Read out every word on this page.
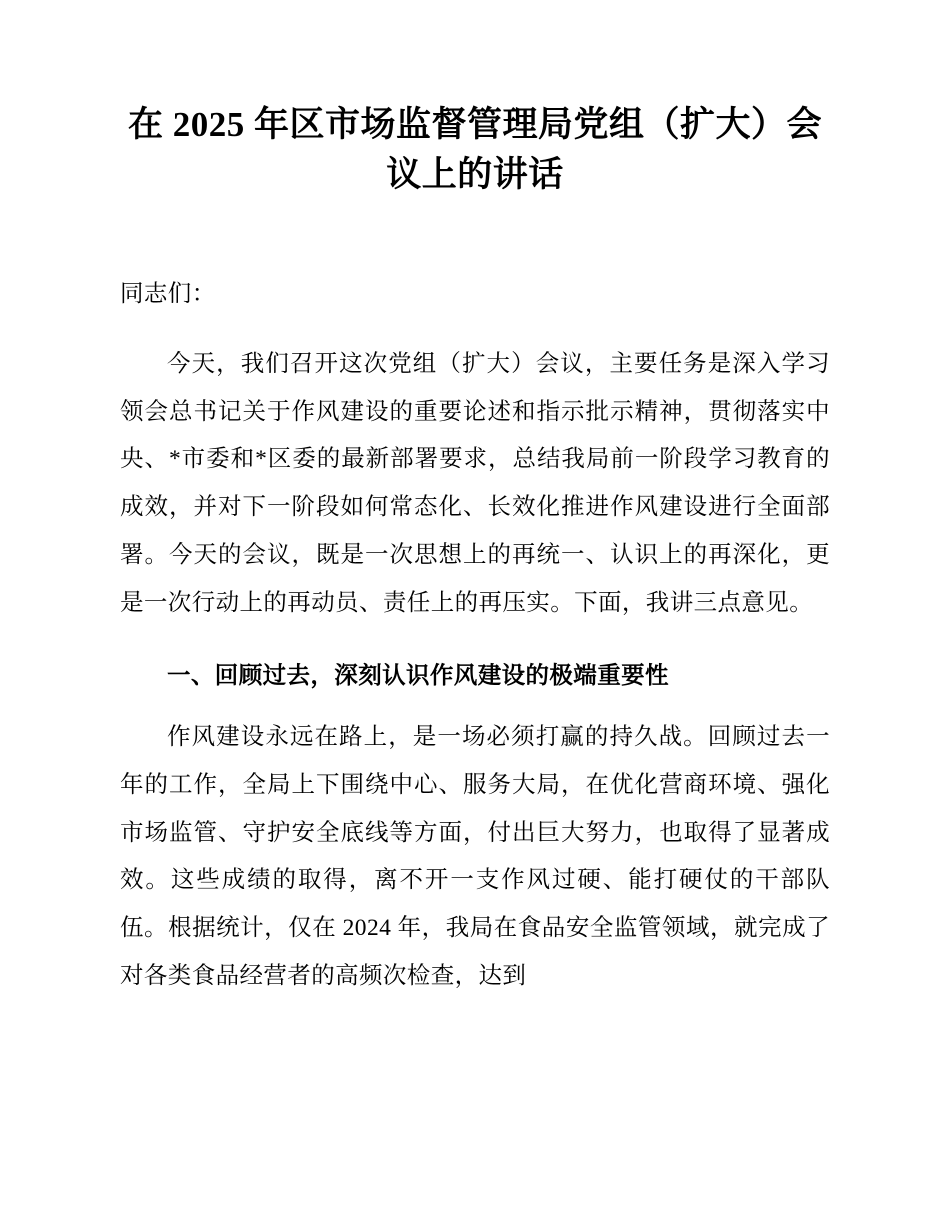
在 2025 年区市场监督管理局党组（扩大）会议上的讲话

同志们：

今天，我们召开这次党组（扩大）会议，主要任务是深入学习领会总书记关于作风建设的重要论述和指示批示精神，贯彻落实中央、*市委和*区委的最新部署要求，总结我局前一阶段学习教育的成效，并对下一阶段如何常态化、长效化推进作风建设进行全面部署。今天的会议，既是一次思想上的再统一、认识上的再深化，更是一次行动上的再动员、责任上的再压实。下面，我讲三点意见。

一、回顾过去，深刻认识作风建设的极端重要性

作风建设永远在路上，是一场必须打赢的持久战。回顾过去一年的工作，全局上下围绕中心、服务大局，在优化营商环境、强化市场监管、守护安全底线等方面，付出巨大努力，也取得了显著成效。这些成绩的取得，离不开一支作风过硬、能打硬仗的干部队伍。根据统计，仅在 2024 年，我局在食品安全监管领域，就完成了对各类食品经营者的高频次检查，达到
